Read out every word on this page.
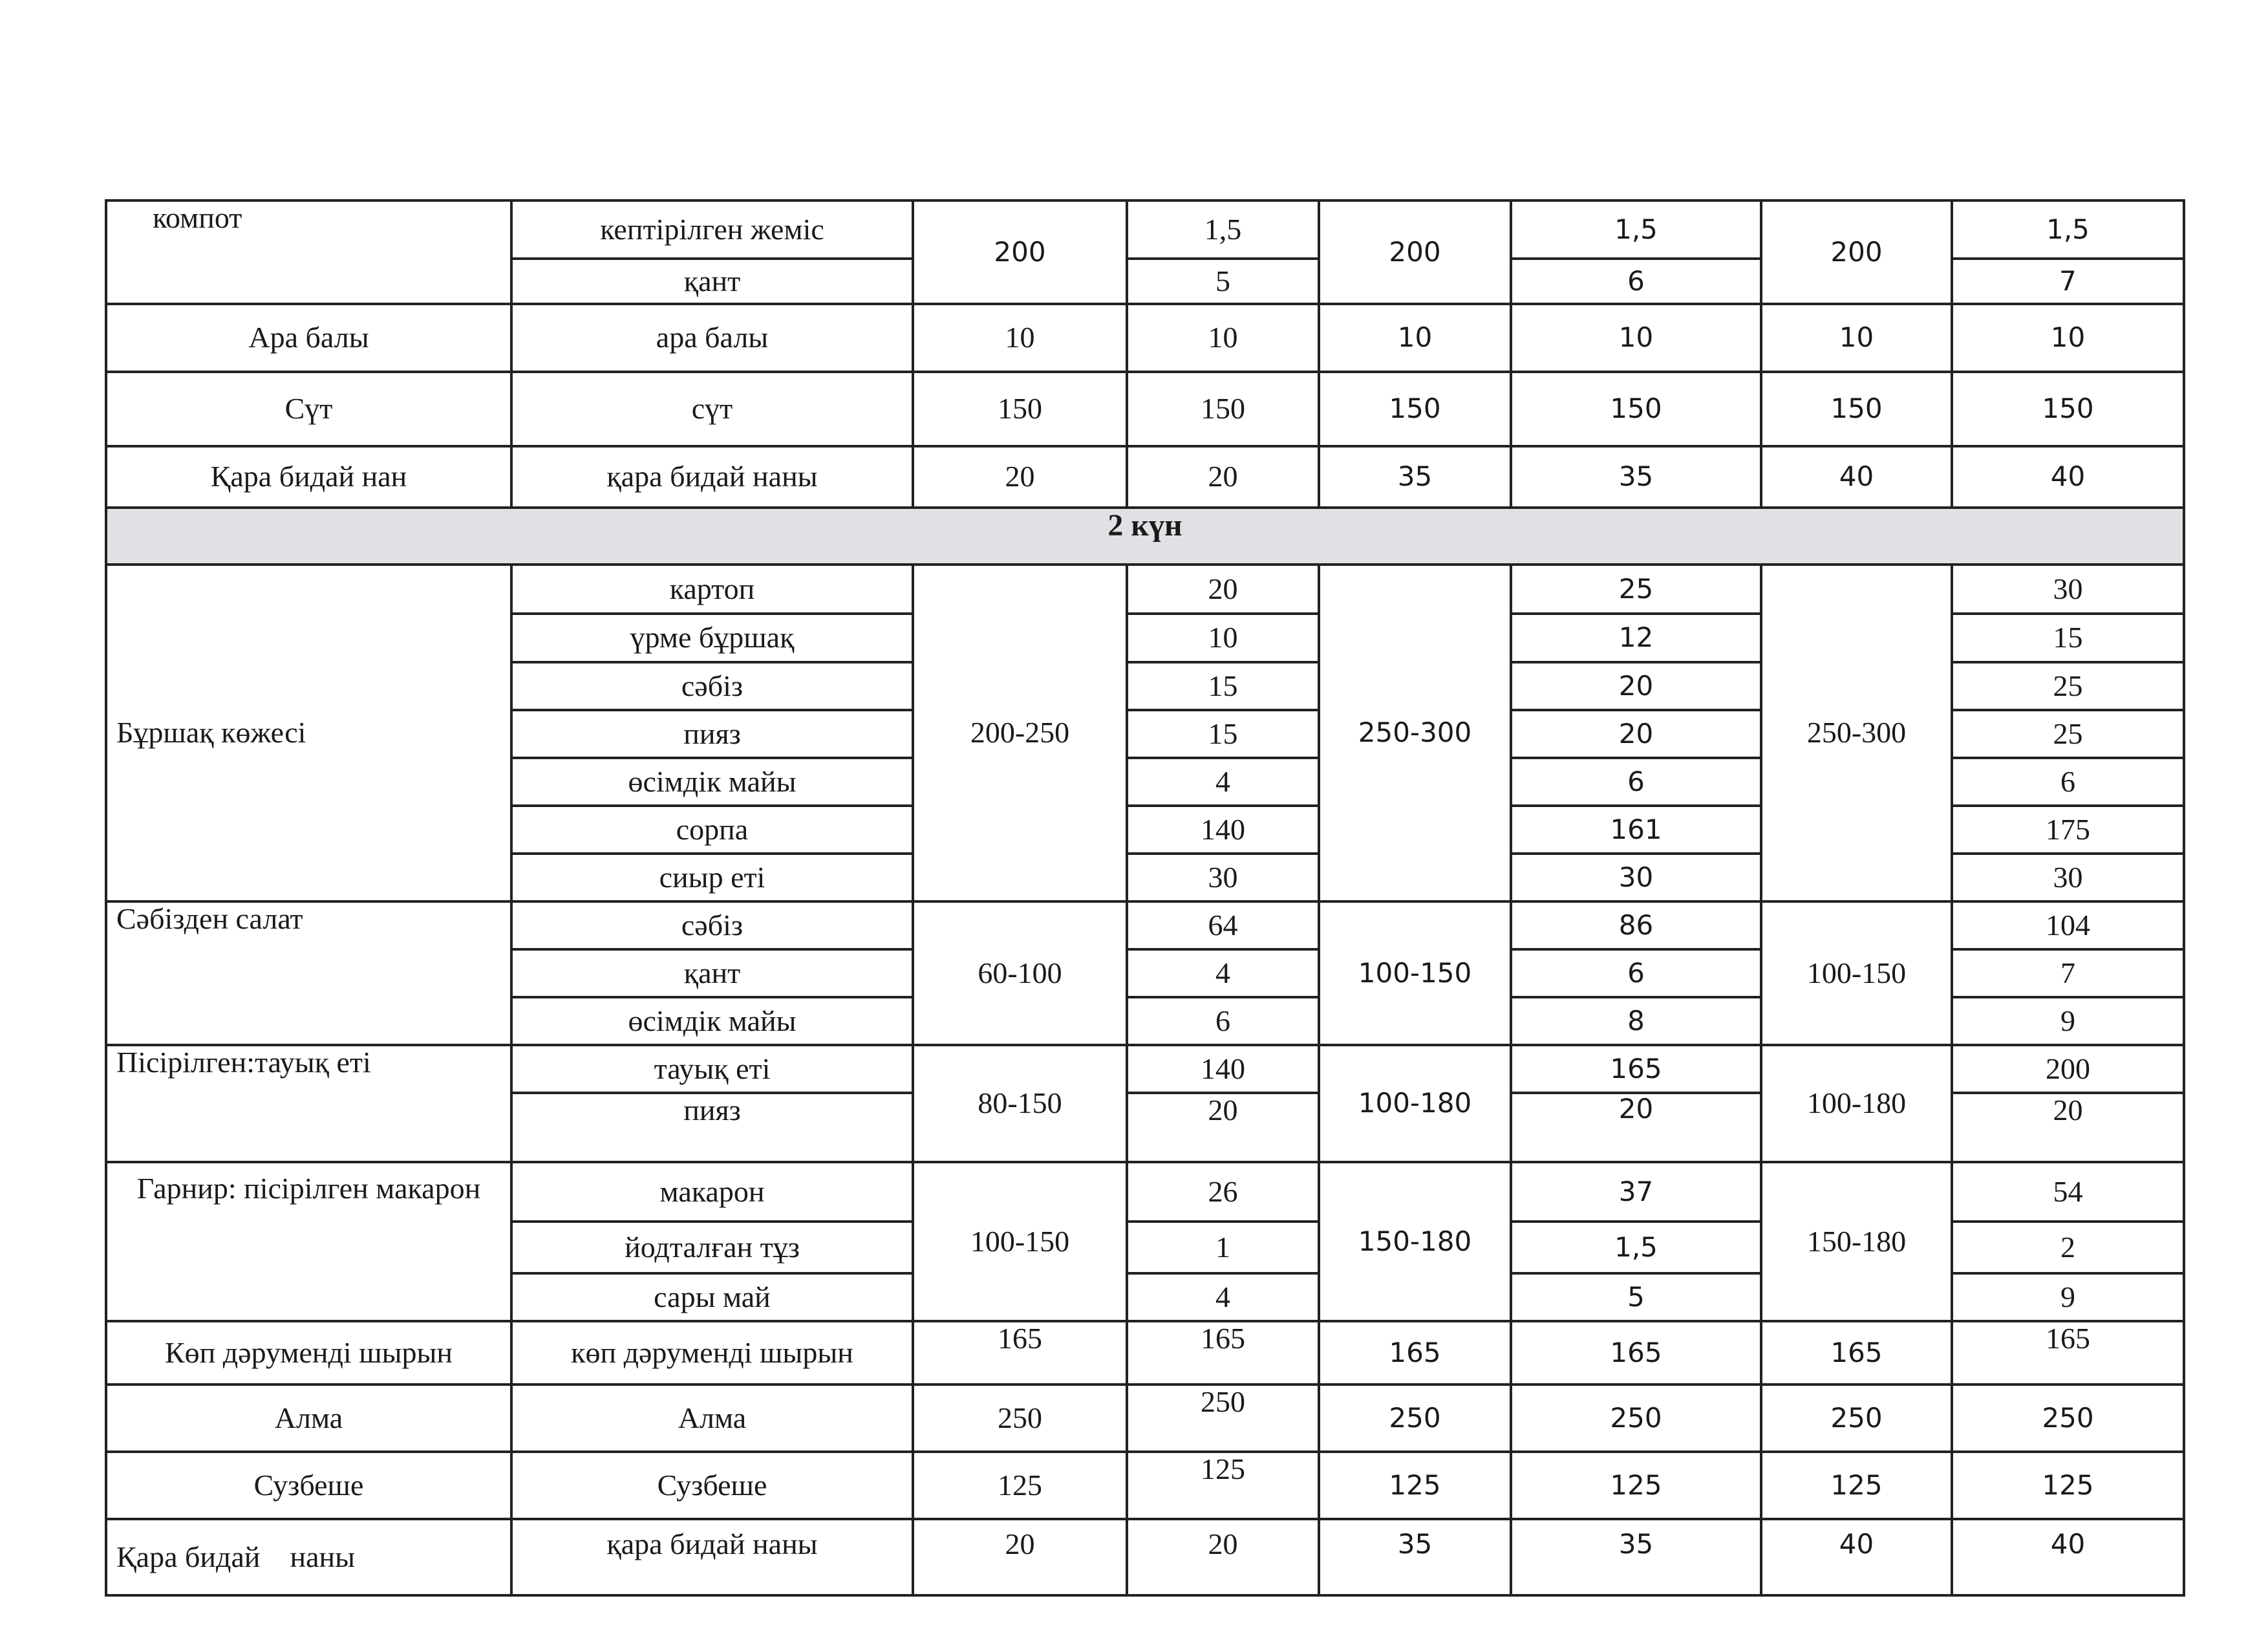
компот	кептірілген жеміс	200	1,5	200	1,5	200	1,5
	қант		5		6		7
Ара балы	ара балы	10	10	10	10	10	10
Сүт	сүт	150	150	150	150	150	150
Қара бидай нан	қара бидай наны	20	20	35	35	40	40
2 күн							
Бұршақ көжесі	картоп	200-250	20	250-300	25	250-300	30
	үрме бұршақ		10		12		15
	сәбіз		15		20		25
	пияз		15		20		25
	өсімдік майы		4		6		6
	сорпа		140		161		175
	сиыр еті		30		30		30
Сәбізден салат	сәбіз	60-100	64	100-150	86	100-150	104
	қант		4		6		7
	өсімдік майы		6		8		9
Пісірілген:тауық еті	тауық еті	80-150	140	100-180	165	100-180	200
	пияз		20		20		20
Гарнир: пісірілген макарон	макарон	100-150	26	150-180	37	150-180	54
	йодталған тұз		1		1,5		2
	сары май		4		5		9
Көп дәрумендi шырын	көп дәрумендi шырын	165	165	165	165	165	165
Алма	Алма	250	250	250	250	250	250
Сузбеше	Сузбеше	125	125	125	125	125	125
Қара бидай    наны	қара бидай наны	20	20	35	35	40	40
